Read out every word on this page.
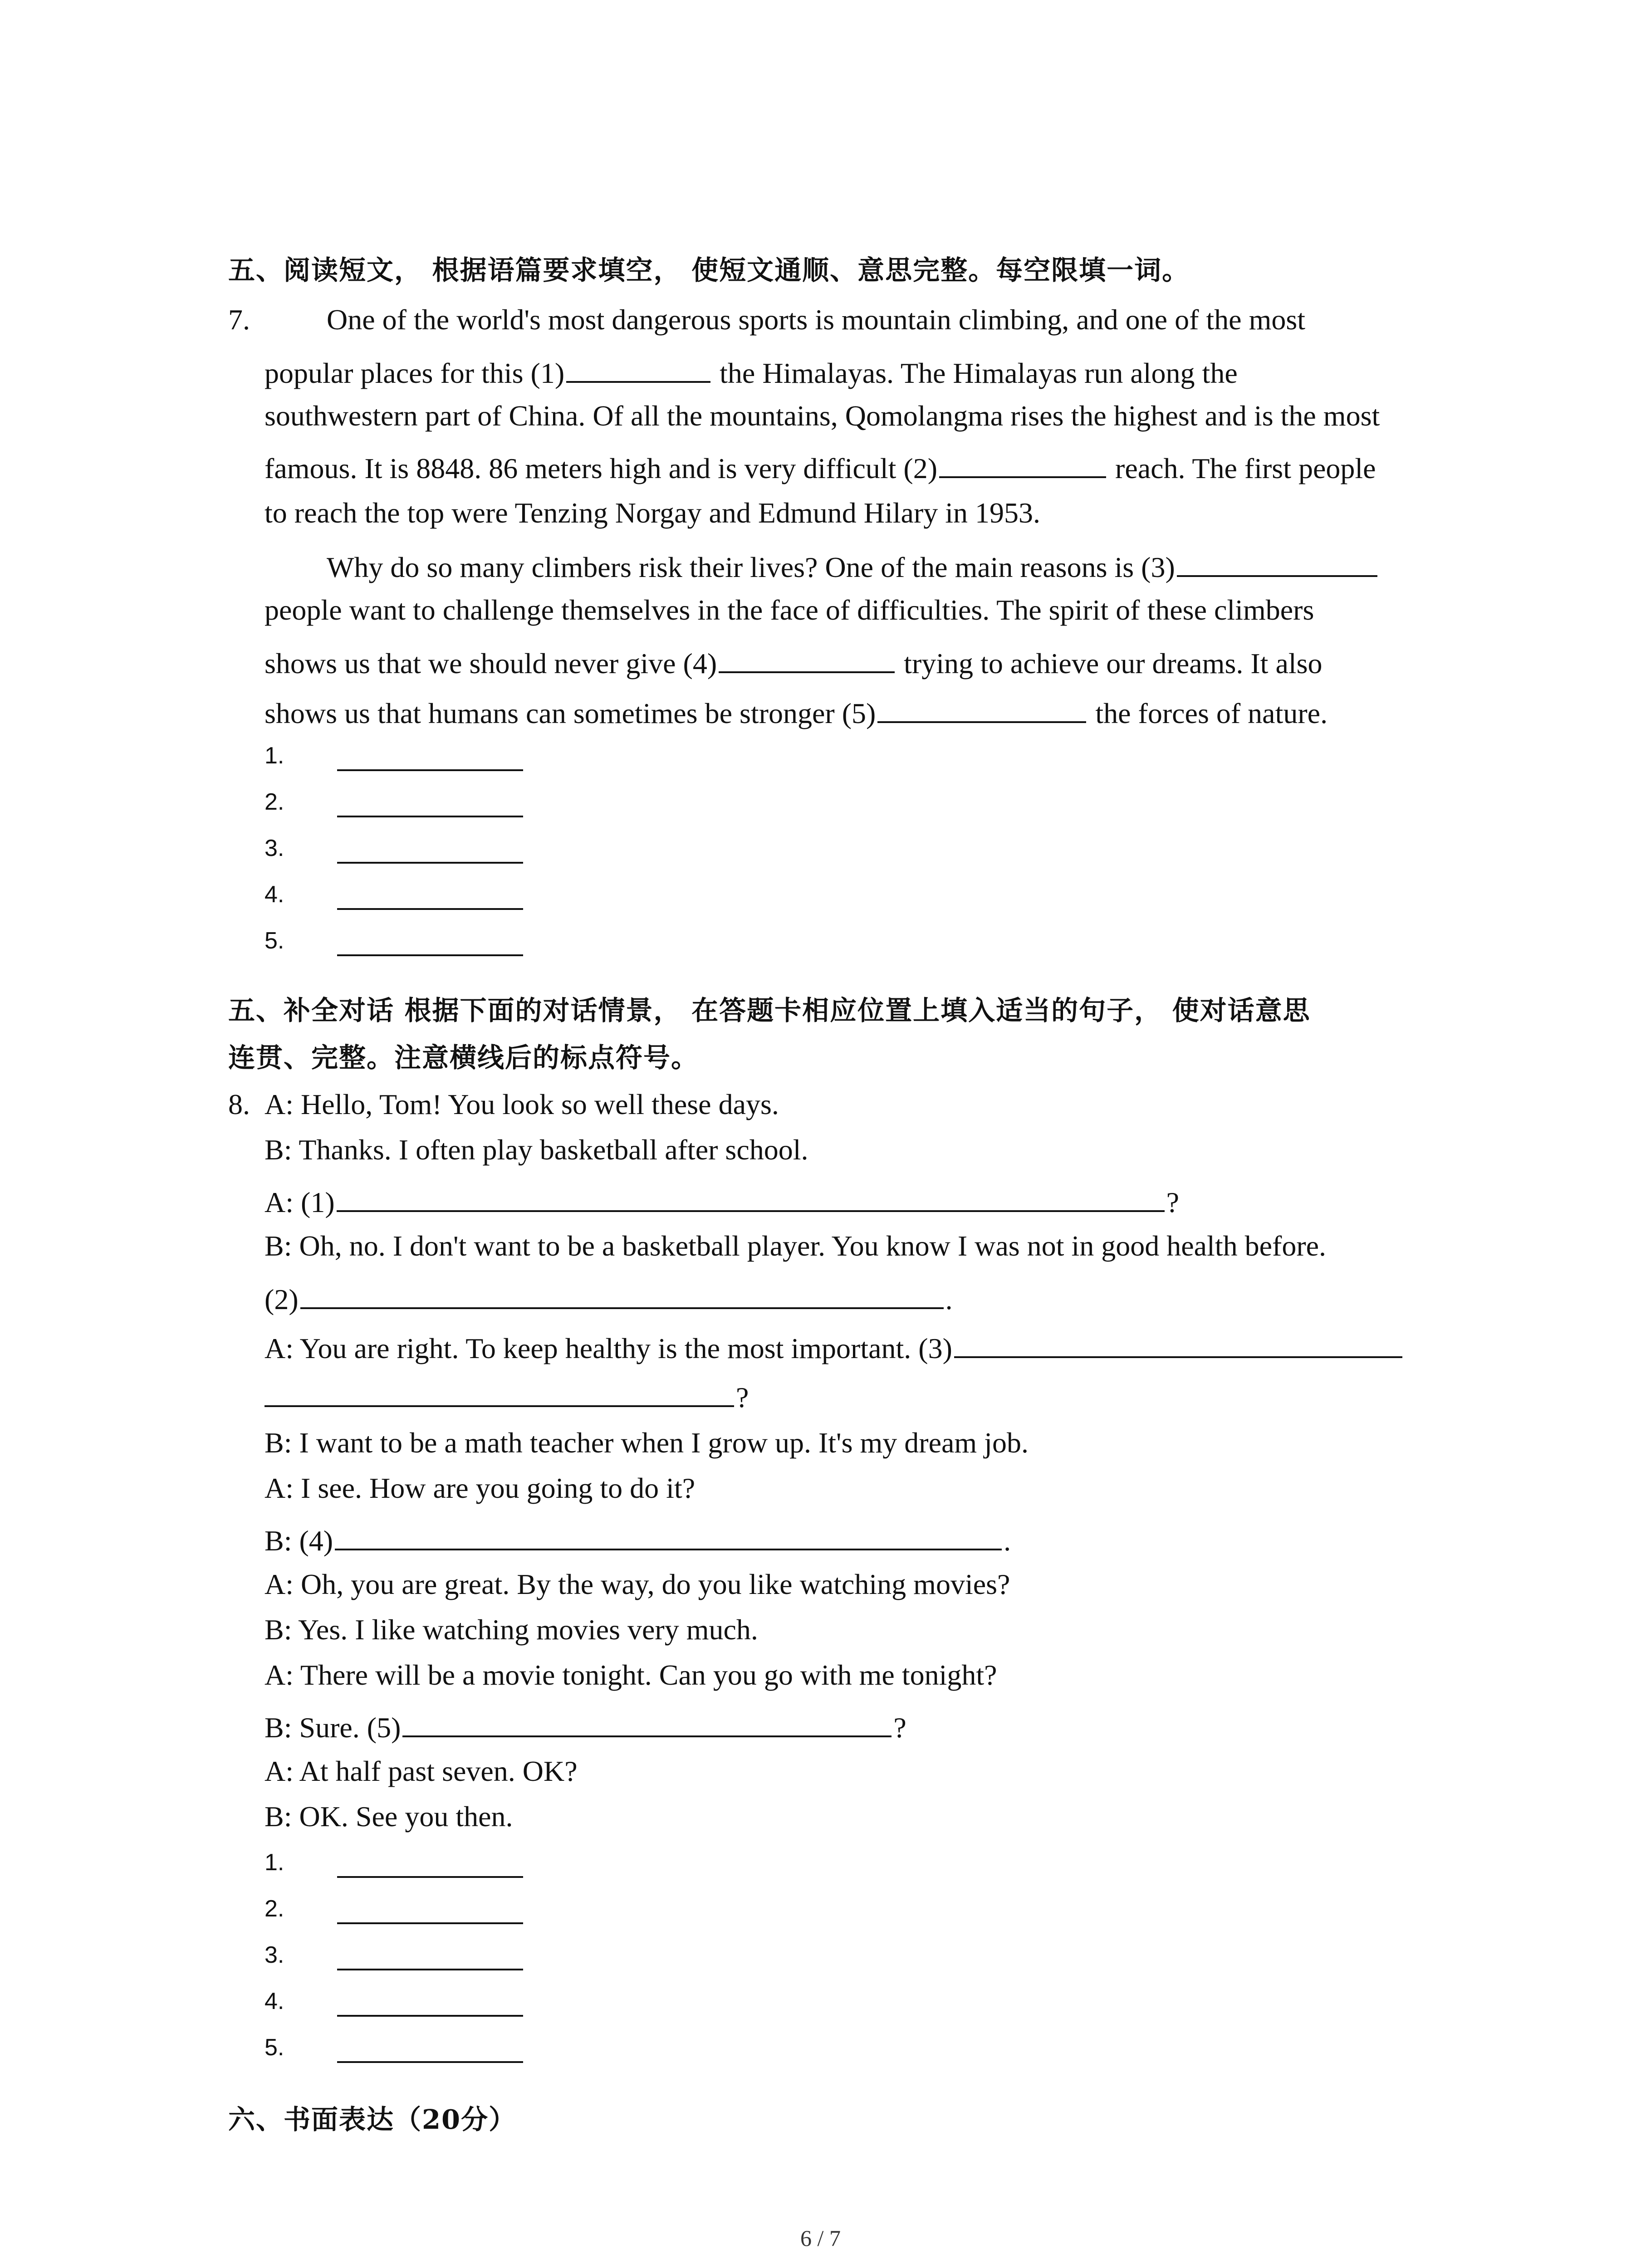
五、阅读短文， 根据语篇要求填空， 使短文通顺、意思完整。每空限填一词。
7.	One of the world's most dangerous sports is mountain climbing, and one of the most
popular places for this (1)	the Himalayas. The Himalayas run along the
southwestern part of China. Of all the mountains, Qomolangma rises the highest and is the most
famous. It is 8848. 86 meters high and is very difficult (2)	reach. The first people
to reach the top were Tenzing Norgay and Edmund Hilary in 1953.
Why do so many climbers risk their lives? One of the main reasons is (3)
people want to challenge themselves in the face of difficulties. The spirit of these climbers
shows us that we should never give (4)	trying to achieve our dreams. It also
shows us that humans can sometimes be stronger (5)	the forces of nature.
1.
2.
3.
4.
5.
五、补全对话 根据下面的对话情景， 在答题卡相应位置上填入适当的句子， 使对话意思
连贯、完整。注意横线后的标点符号。
8. A: Hello, Tom! You look so well these days.
B: Thanks. I often play basketball after school.
A: (1)	?
B: Oh, no. I don't want to be a basketball player. You know I was not in good health before.
(2)	.
A: You are right. To keep healthy is the most important. (3)
?
B: I want to be a math teacher when I grow up. It's my dream job.
A: I see. How are you going to do it?
B: (4)	.
A: Oh, you are great. By the way, do you like watching movies?
B: Yes. I like watching movies very much.
A: There will be a movie tonight. Can you go with me tonight?
B: Sure. (5)	?
A: At half past seven. OK?
B: OK. See you then.
1.
2.
3.
4.
5.
六、书面表达（20分）
6 / 7
